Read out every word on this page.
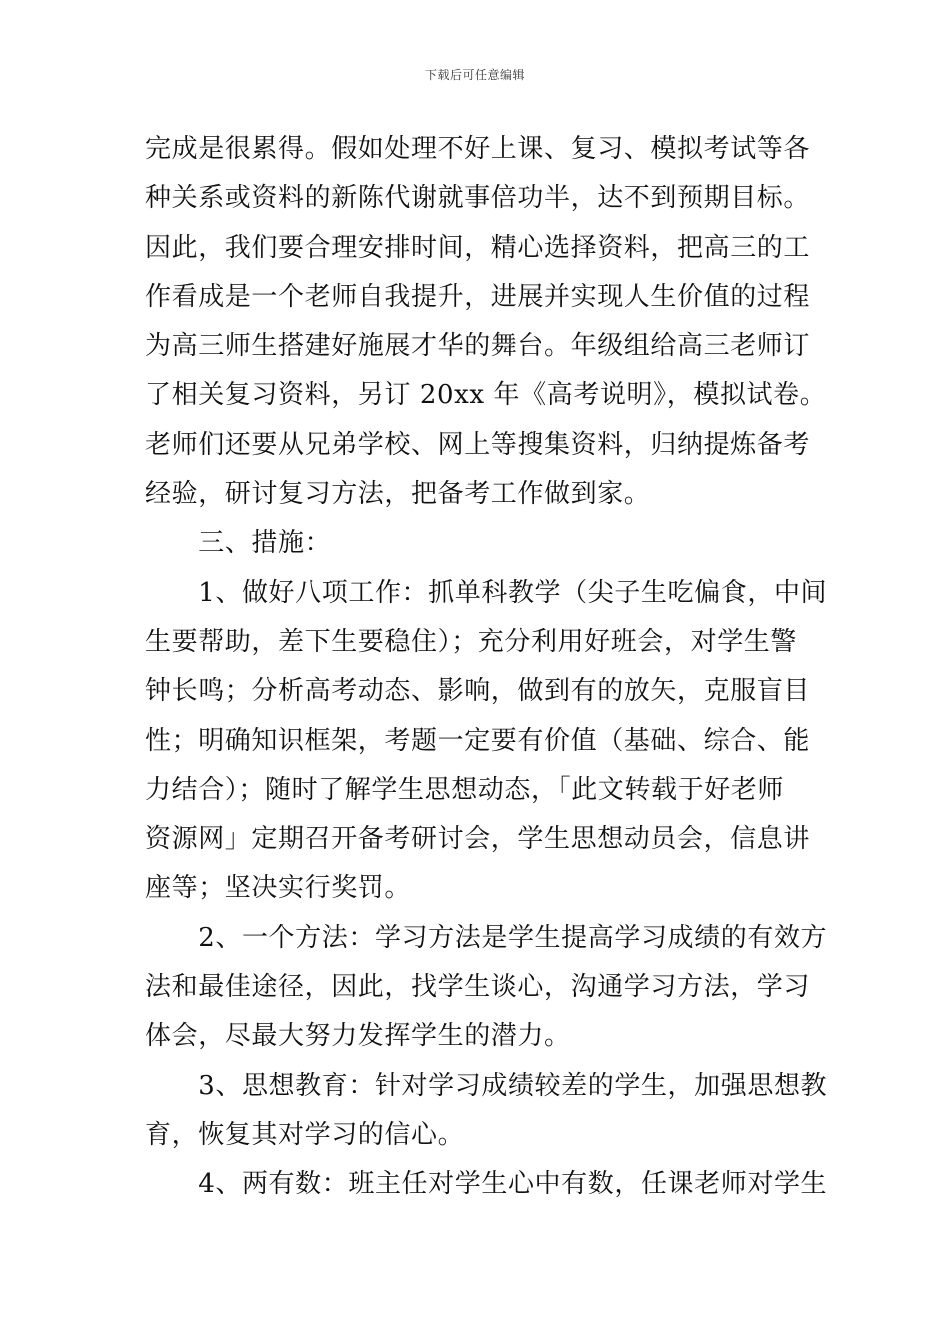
下载后可任意编辑
完成是很累得。假如处理不好上课、复习、模拟考试等各
种关系或资料的新陈代谢就事倍功半，达不到预期目标。
因此，我们要合理安排时间，精心选择资料，把高三的工
作看成是一个老师自我提升，进展并实现人生价值的过程
为高三师生搭建好施展才华的舞台。年级组给高三老师订
了相关复习资料，另订 20xx 年《高考说明》，模拟试卷。
老师们还要从兄弟学校、网上等搜集资料，归纳提炼备考
经验，研讨复习方法，把备考工作做到家。
　　三、措施：
　　1、做好八项工作：抓单科教学（尖子生吃偏食，中间
生要帮助，差下生要稳住）；充分利用好班会，对学生警
钟长鸣；分析高考动态、影响，做到有的放矢，克服盲目
性；明确知识框架，考题一定要有价值（基础、综合、能
力结合）；随时了解学生思想动态，「此文转载于好老师
资源网」定期召开备考研讨会，学生思想动员会，信息讲
座等；坚决实行奖罚。
　　2、一个方法：学习方法是学生提高学习成绩的有效方
法和最佳途径，因此，找学生谈心，沟通学习方法，学习
体会，尽最大努力发挥学生的潜力。
　　3、思想教育：针对学习成绩较差的学生，加强思想教
育，恢复其对学习的信心。
　　4、两有数：班主任对学生心中有数，任课老师对学生
